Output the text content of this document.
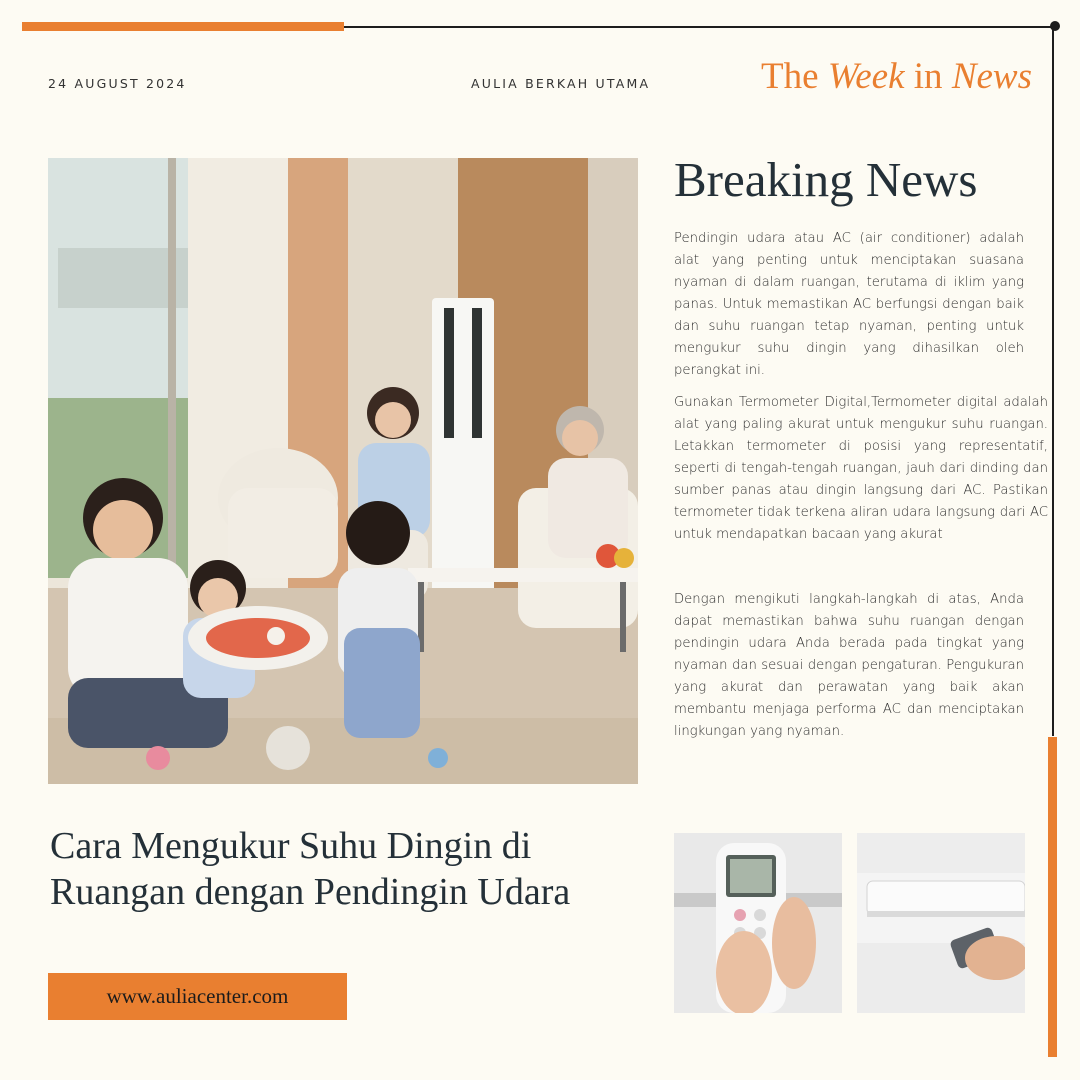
24 AUGUST 2024	AULIA BERKAH UTAMA	The Week in News
Breaking News

Pendingin udara atau AC (air conditioner) adalah alat yang penting untuk menciptakan suasana nyaman di dalam ruangan, terutama di iklim yang panas. Untuk memastikan AC berfungsi dengan baik dan suhu ruangan tetap nyaman, penting untuk mengukur suhu dingin yang dihasilkan oleh perangkat ini.

Gunakan Termometer Digital,Termometer digital adalah alat yang paling akurat untuk mengukur suhu ruangan. Letakkan termometer di posisi yang representatif, seperti di tengah-tengah ruangan, jauh dari dinding dan sumber panas atau dingin langsung dari AC. Pastikan termometer tidak terkena aliran udara langsung dari AC untuk mendapatkan bacaan yang akurat

Dengan mengikuti langkah-langkah di atas, Anda dapat memastikan bahwa suhu ruangan dengan pendingin udara Anda berada pada tingkat yang nyaman dan sesuai dengan pengaturan. Pengukuran yang akurat dan perawatan yang baik akan membantu menjaga performa AC dan menciptakan lingkungan yang nyaman.

Cara Mengukur Suhu Dingin di
Ruangan dengan Pendingin Udara
www.auliacenter.com
